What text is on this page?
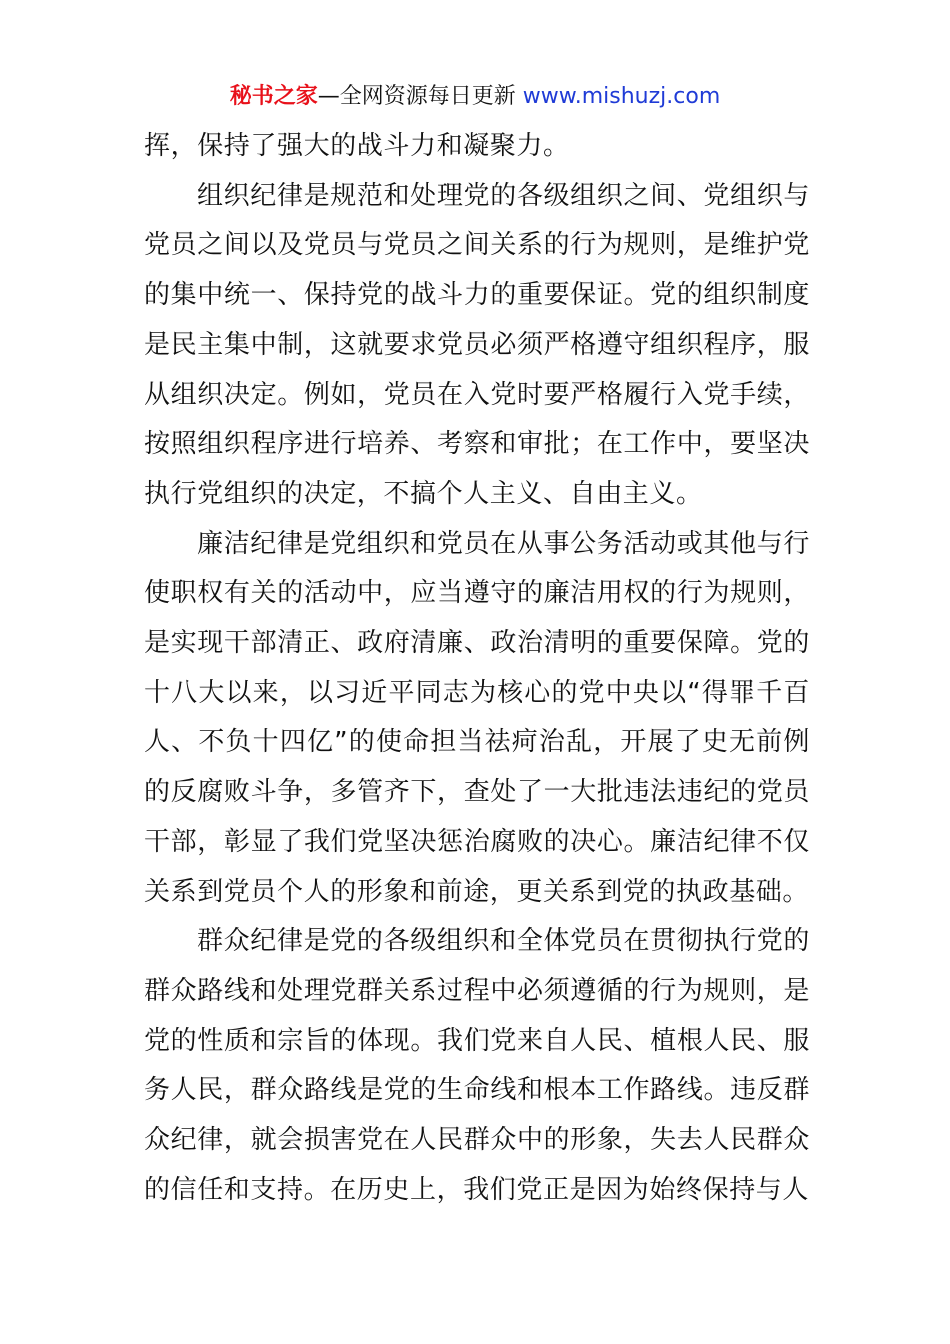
秘书之家—全网资源每日更新 www.mishuzj.com

挥，保持了强大的战斗力和凝聚力。

组织纪律是规范和处理党的各级组织之间、党组织与党员之间以及党员与党员之间关系的行为规则，是维护党的集中统一、保持党的战斗力的重要保证。党的组织制度是民主集中制，这就要求党员必须严格遵守组织程序，服从组织决定。例如，党员在入党时要严格履行入党手续，按照组织程序进行培养、考察和审批；在工作中，要坚决执行党组织的决定，不搞个人主义、自由主义。

廉洁纪律是党组织和党员在从事公务活动或其他与行使职权有关的活动中，应当遵守的廉洁用权的行为规则，是实现干部清正、政府清廉、政治清明的重要保障。党的十八大以来，以习近平同志为核心的党中央以“得罪千百人、不负十四亿”的使命担当祛疴治乱，开展了史无前例的反腐败斗争，多管齐下，查处了一大批违法违纪的党员干部，彰显了我们党坚决惩治腐败的决心。廉洁纪律不仅关系到党员个人的形象和前途，更关系到党的执政基础。

群众纪律是党的各级组织和全体党员在贯彻执行党的群众路线和处理党群关系过程中必须遵循的行为规则，是党的性质和宗旨的体现。我们党来自人民、植根人民、服务人民，群众路线是党的生命线和根本工作路线。违反群众纪律，就会损害党在人民群众中的形象，失去人民群众的信任和支持。在历史上，我们党正是因为始终保持与人
